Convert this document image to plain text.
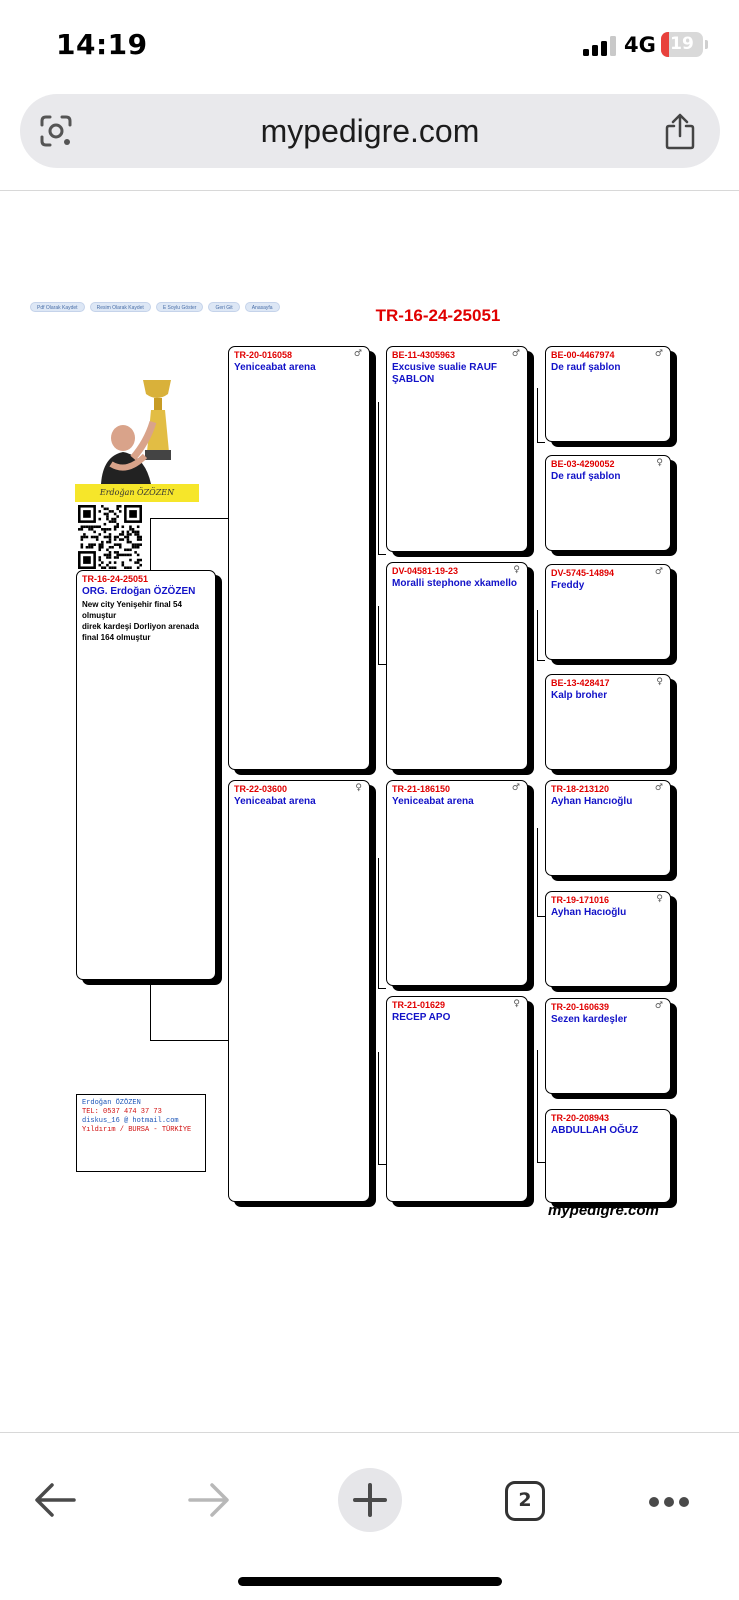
14:19	4G 19
mypedigre.com
Pdf Olarak Kaydet	Resim Olarak Kaydet	E Soylu Göster	Geri Git	Anasayfa	TR-16-24-25051
Erdoğan ÖZÖZEN
TR-16-24-25051
ORG. Erdoğan ÖZÖZEN
New city Yenişehir final 54
olmuştur
direk kardeşi Dorliyon arenada
final 164 olmuştur
TR-20-016058	♂
Yeniceabat arena
TR-22-03600	♀
Yeniceabat arena
BE-11-4305963	♂
Excusive sualie RAUF ŞABLON
DV-04581-19-23	♀
Moralli stephone xkamello
TR-21-186150	♂
Yeniceabat arena
TR-21-01629	♀
RECEP APO
BE-00-4467974	♂
De rauf şablon
BE-03-4290052	♀
De rauf şablon
DV-5745-14894	♂
Freddy
BE-13-428417	♀
Kalp broher
TR-18-213120	♂
Ayhan Hancıoğlu
TR-19-171016	♀
Ayhan Hacıoğlu
TR-20-160639	♂
Sezen kardeşler
TR-20-208943
ABDULLAH OĞUZ
Erdoğan ÖZÖZEN
TEL: 0537 474 37 73
diskus_16 @ hotmail.com
Yıldırım / BURSA - TÜRKİYE
mypedigre.com
2
